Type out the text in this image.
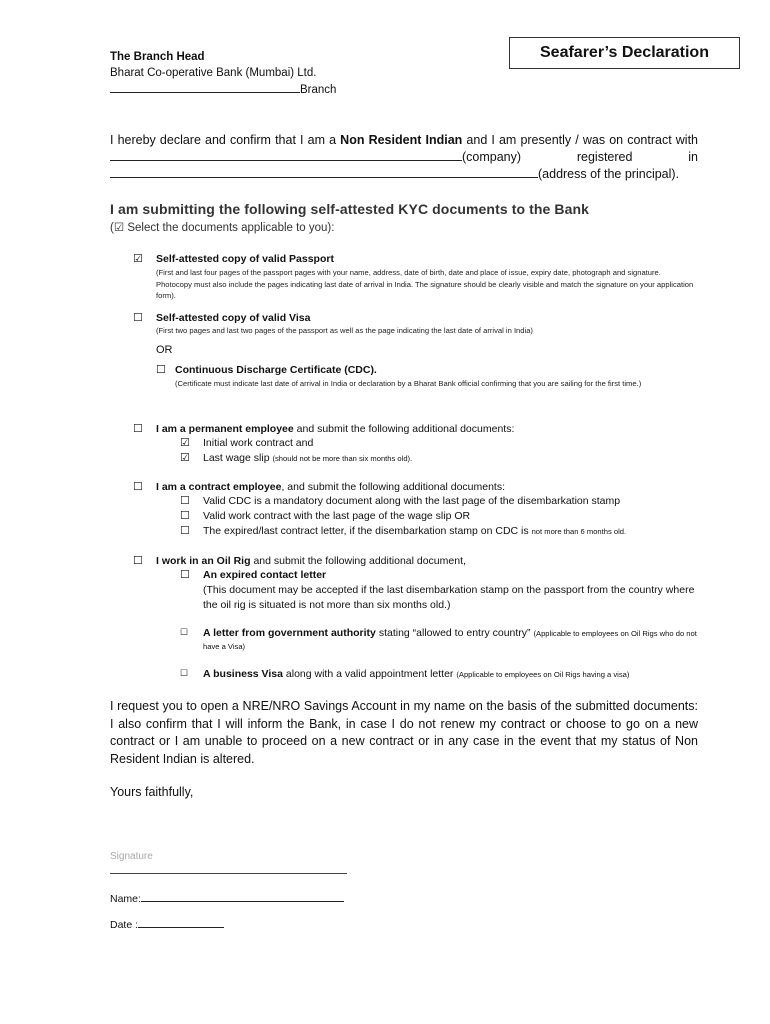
Seafarer’s Declaration
The Branch Head
Bharat Co-operative Bank (Mumbai) Ltd.
Branch
I hereby declare and confirm that I am a Non Resident Indian and I am presently / was on contract with (company) registered in (address of the principal).
I am submitting the following self-attested KYC documents to the Bank
(☑ Select the documents applicable to you):
☑ Self-attested copy of valid Passport
(First and last four pages of the passport pages with your name, address, date of birth, date and place of issue, expiry date, photograph and signature. Photocopy must also include the pages indicating last date of arrival in India. The signature should be clearly visible and match the signature on your application form).
☐ Self-attested copy of valid Visa
(First two pages and last two pages of the passport as well as the page indicating the last date of arrival in India)
OR
☐ Continuous Discharge Certificate (CDC).
(Certificate must indicate last date of arrival in India or declaration by a Bharat Bank official confirming that you are sailing for the first time.)
☐ I am a permanent employee and submit the following additional documents:
☑ Initial work contract and
☑ Last wage slip (should not be more than six months old).
☐ I am a contract employee, and submit the following additional documents:
☐ Valid CDC is a mandatory document along with the last page of the disembarkation stamp
☐ Valid work contract with the last page of the wage slip OR
☐ The expired/last contract letter, if the disembarkation stamp on CDC is not more than 6 months old.
☐ I work in an Oil Rig and submit the following additional document,
☐ An expired contact letter
(This document may be accepted if the last disembarkation stamp on the passport from the country where the oil rig is situated is not more than six months old.)
☐ A letter from government authority stating “allowed to entry country” (Applicable to employees on Oil Rigs who do not have a Visa)
☐ A business Visa along with a valid appointment letter (Applicable to employees on Oil Rigs having a visa)
I request you to open a NRE/NRO Savings Account in my name on the basis of the submitted documents: I also confirm that I will inform the Bank, in case I do not renew my contract or choose to go on a new contract or I am unable to proceed on a new contract or in any case in the event that my status of Non Resident Indian is altered.
Yours faithfully,
Signature
Name:
Date :
